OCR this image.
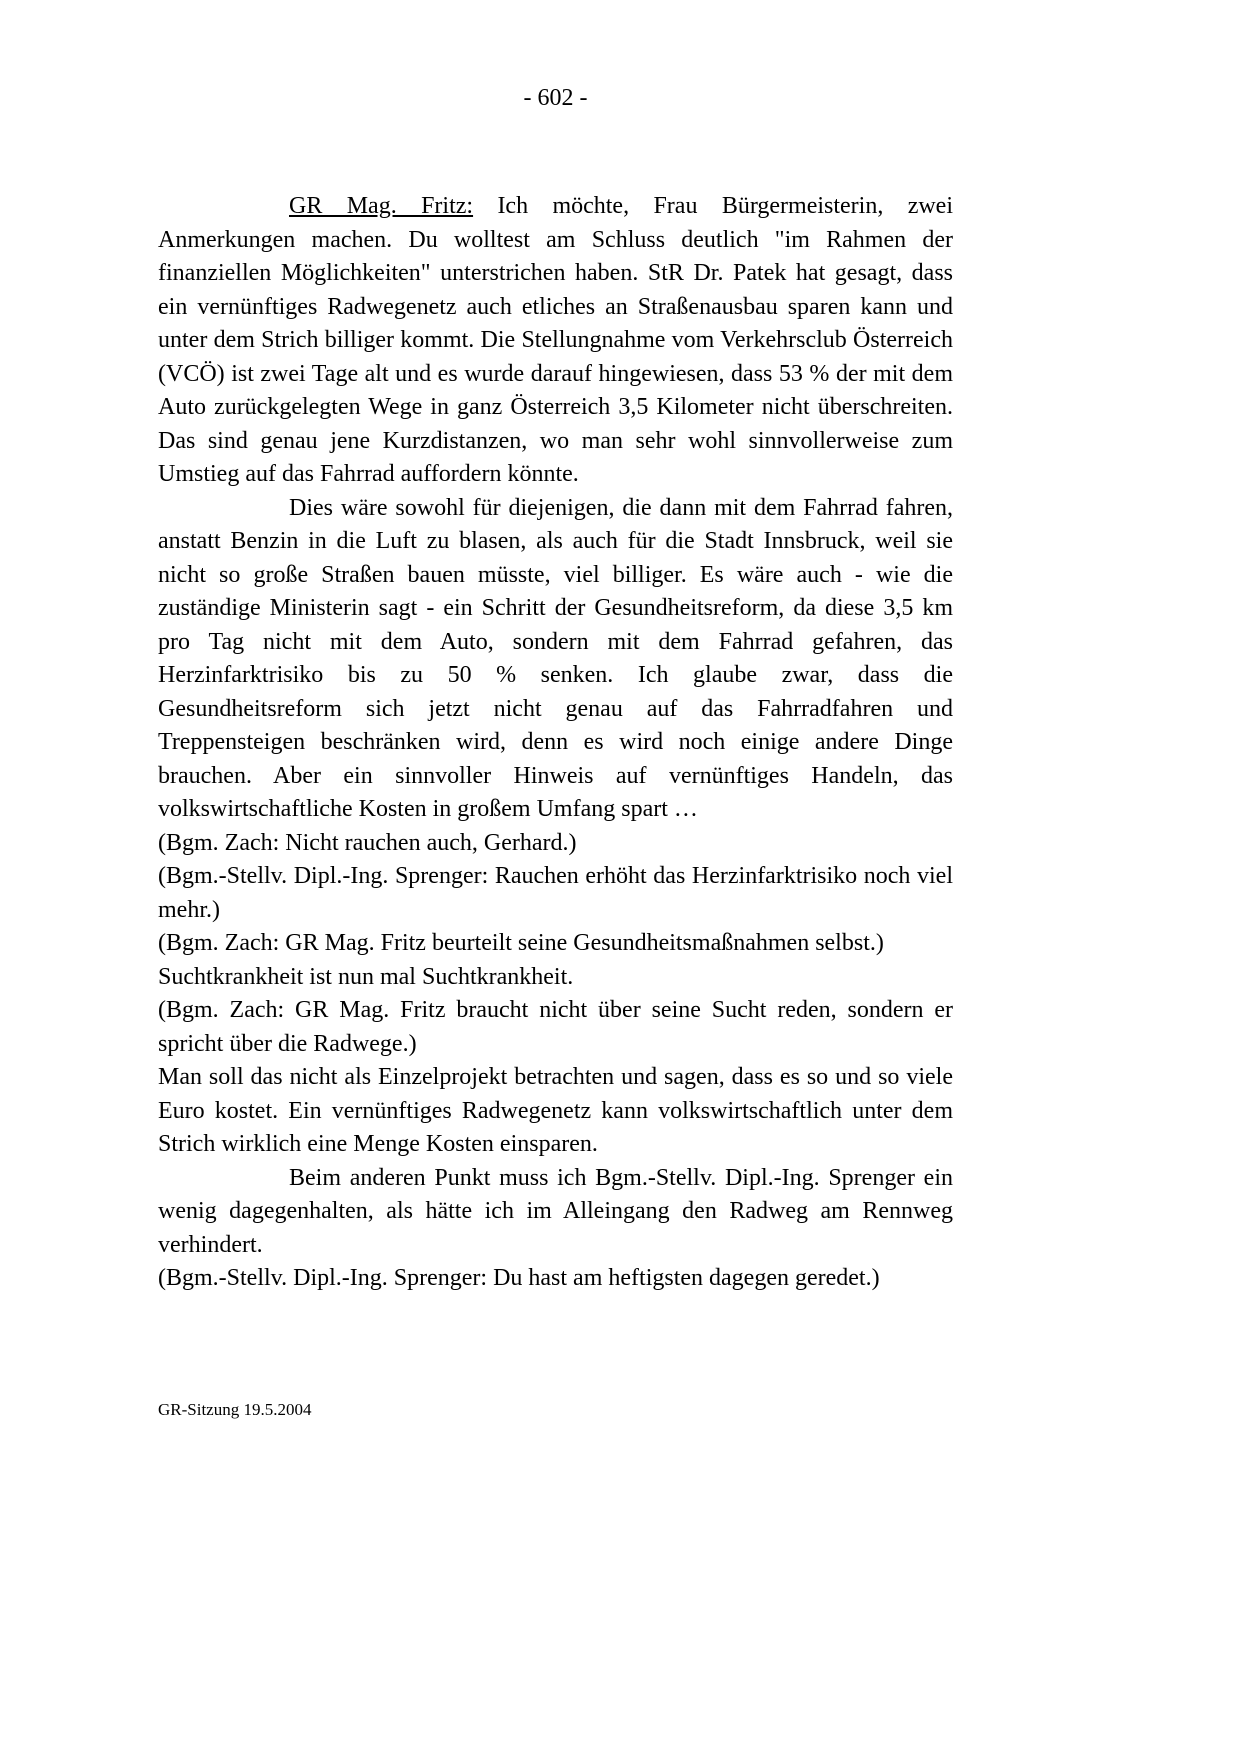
- 602 -

GR Mag. Fritz: Ich möchte, Frau Bürgermeisterin, zwei Anmerkungen machen. Du wolltest am Schluss deutlich "im Rahmen der finanziellen Möglichkeiten" unterstrichen haben. StR Dr. Patek hat gesagt, dass ein vernünftiges Radwegenetz auch etliches an Straßenausbau sparen kann und unter dem Strich billiger kommt. Die Stellungnahme vom Verkehrsclub Österreich (VCÖ) ist zwei Tage alt und es wurde darauf hingewiesen, dass 53 % der mit dem Auto zurückgelegten Wege in ganz Österreich 3,5 Kilometer nicht überschreiten. Das sind genau jene Kurzdistanzen, wo man sehr wohl sinnvollerweise zum Umstieg auf das Fahrrad auffordern könnte.

Dies wäre sowohl für diejenigen, die dann mit dem Fahrrad fahren, anstatt Benzin in die Luft zu blasen, als auch für die Stadt Innsbruck, weil sie nicht so große Straßen bauen müsste, viel billiger. Es wäre auch - wie die zuständige Ministerin sagt - ein Schritt der Gesundheitsreform, da diese 3,5 km pro Tag nicht mit dem Auto, sondern mit dem Fahrrad gefahren, das Herzinfarktrisiko bis zu 50 % senken. Ich glaube zwar, dass die Gesundheitsreform sich jetzt nicht genau auf das Fahrradfahren und Treppensteigen beschränken wird, denn es wird noch einige andere Dinge brauchen. Aber ein sinnvoller Hinweis auf vernünftiges Handeln, das volkswirtschaftliche Kosten in großem Umfang spart …

(Bgm. Zach: Nicht rauchen auch, Gerhard.)

(Bgm.-Stellv. Dipl.-Ing. Sprenger: Rauchen erhöht das Herzinfarktrisiko noch viel mehr.)

(Bgm. Zach: GR Mag. Fritz beurteilt seine Gesundheitsmaßnahmen selbst.)

Suchtkrankheit ist nun mal Suchtkrankheit.

(Bgm. Zach: GR Mag. Fritz braucht nicht über seine Sucht reden, sondern er spricht über die Radwege.)

Man soll das nicht als Einzelprojekt betrachten und sagen, dass es so und so viele Euro kostet. Ein vernünftiges Radwegenetz kann volkswirtschaftlich unter dem Strich wirklich eine Menge Kosten einsparen.

Beim anderen Punkt muss ich Bgm.-Stellv. Dipl.-Ing. Sprenger ein wenig dagegenhalten, als hätte ich im Alleingang den Radweg am Rennweg verhindert.

(Bgm.-Stellv. Dipl.-Ing. Sprenger: Du hast am heftigsten dagegen geredet.)

GR-Sitzung 19.5.2004
